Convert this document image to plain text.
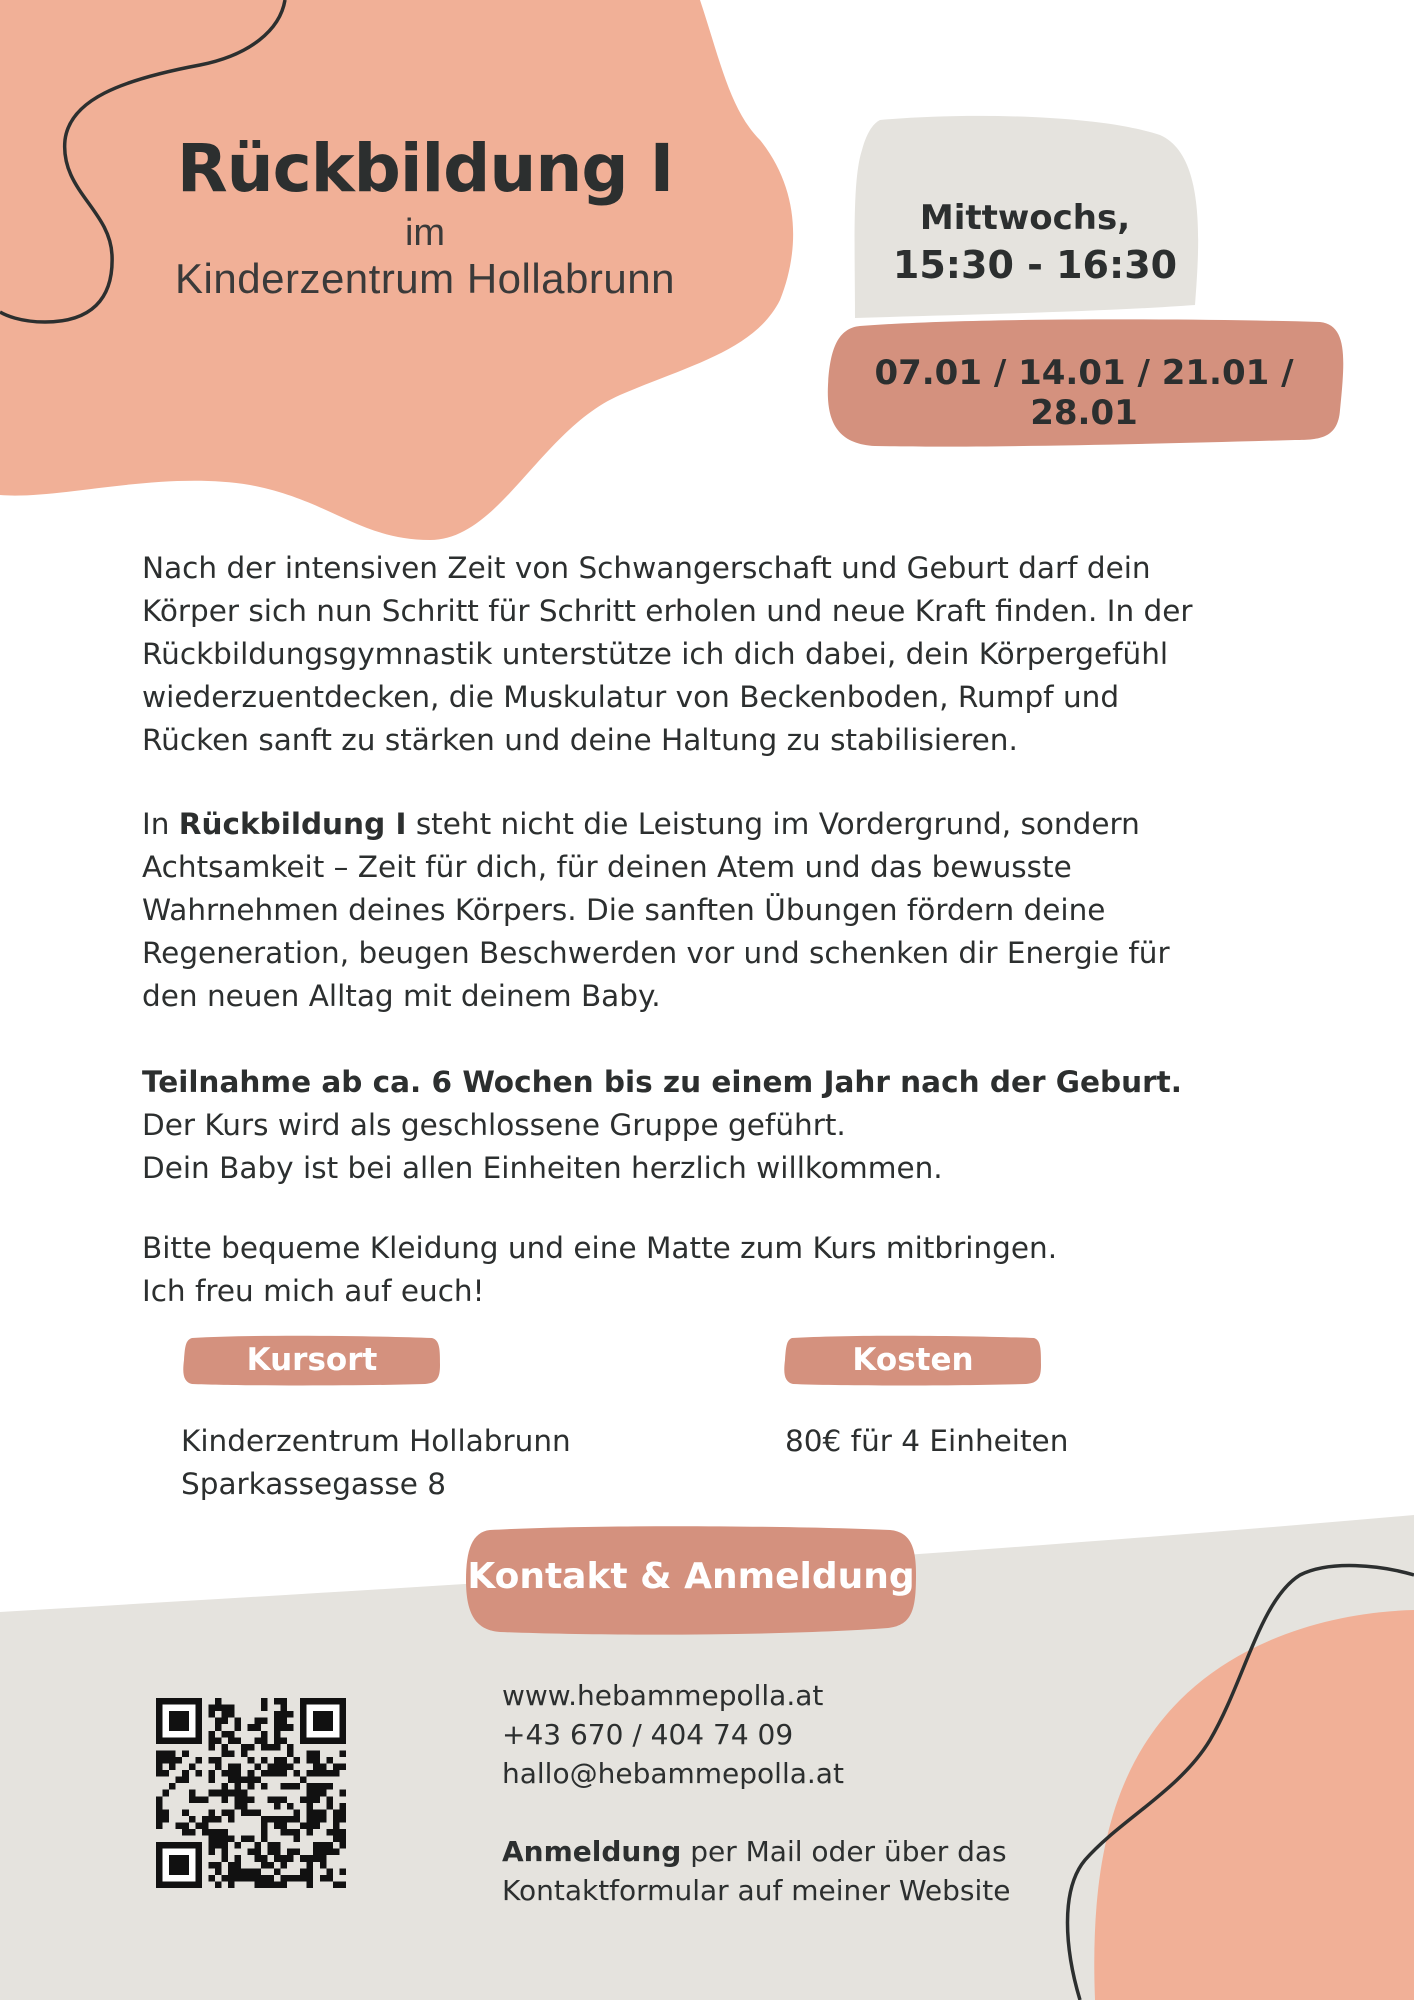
Rückbildung I
im
Kinderzentrum Hollabrunn
Mittwochs,
15:30 - 16:30
07.01 / 14.01 / 21.01 / 28.01

Nach der intensiven Zeit von Schwangerschaft und Geburt darf dein

Körper sich nun Schritt für Schritt erholen und neue Kraft finden. In der

Rückbildungsgymnastik unterstütze ich dich dabei, dein Körpergefühl

wiederzuentdecken, die Muskulatur von Beckenboden, Rumpf und

Rücken sanft zu stärken und deine Haltung zu stabilisieren.

In Rückbildung I steht nicht die Leistung im Vordergrund, sondern

Achtsamkeit – Zeit für dich, für deinen Atem und das bewusste

Wahrnehmen deines Körpers. Die sanften Übungen fördern deine

Regeneration, beugen Beschwerden vor und schenken dir Energie für

den neuen Alltag mit deinem Baby.

Teilnahme ab ca. 6 Wochen bis zu einem Jahr nach der Geburt.

Der Kurs wird als geschlossene Gruppe geführt.

Dein Baby ist bei allen Einheiten herzlich willkommen.

Bitte bequeme Kleidung und eine Matte zum Kurs mitbringen.

Ich freu mich auf euch!

Kursort	Kosten
Kinderzentrum Hollabrunn
Sparkassegasse 8
80€ für 4 Einheiten
Kontakt & Anmeldung
www.hebammepolla.at
+43 670 / 404 74 09
hallo@hebammepolla.at
Anmeldung per Mail oder über das
Kontaktformular auf meiner Website
